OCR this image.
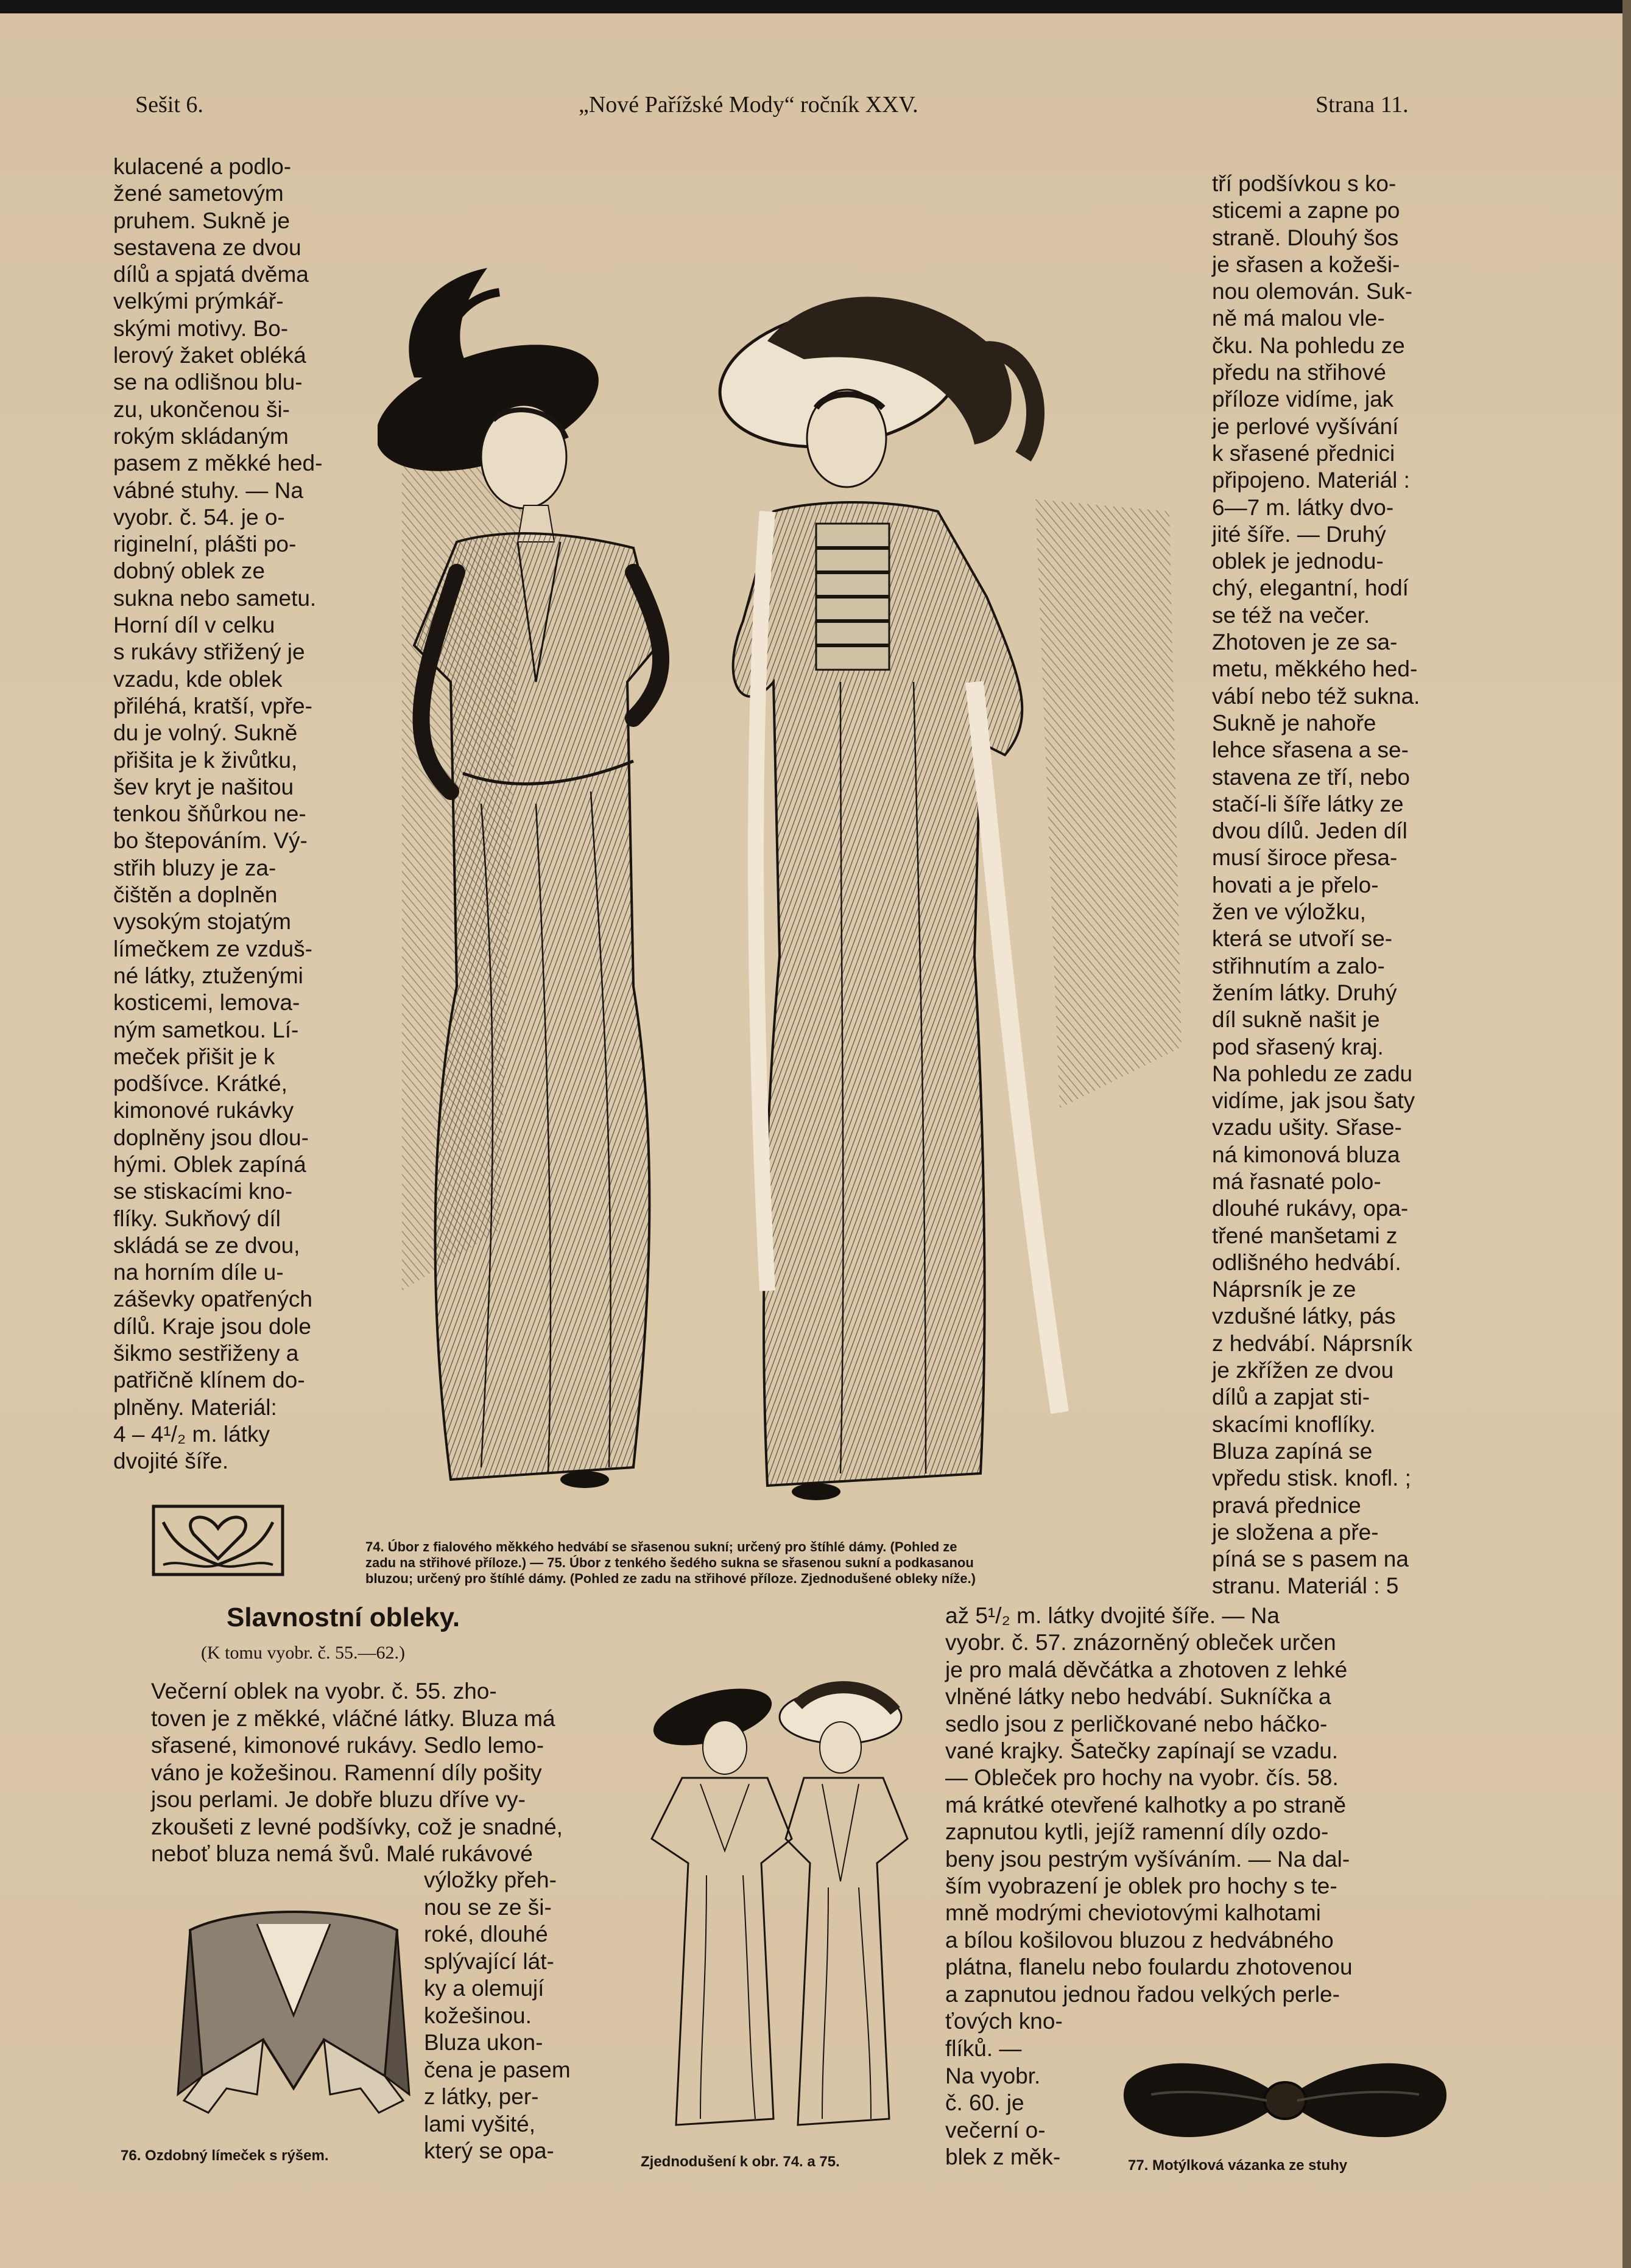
Sešit 6.	„Nové Pařížské Mody“ ročník XXV.	Strana 11.
kulacené a podlo-
žené sametovým
pruhem. Sukně je
sestavena ze dvou
dílů a spjatá dvěma
velkými prýmkář-
skými motivy. Bo-
lerový žaket obléká
se na odlišnou blu-
zu, ukončenou ši-
rokým skládaným
pasem z měkké hed-
vábné stuhy. — Na
vyobr. č. 54. je o-
riginelní, plášti po-
dobný oblek ze
sukna nebo sametu.
Horní díl v celku
s rukávy střižený je
vzadu, kde oblek
přiléhá, kratší, vpře-
du je volný. Sukně
přišita je k živůtku,
šev kryt je našitou
tenkou šňůrkou ne-
bo štepováním. Vý-
střih bluzy je za-
čištěn a doplněn
vysokým stojatým
límečkem ze vzduš-
né látky, ztuženými
kosticemi, lemova-
ným sametkou. Lí-
meček přišit je k
podšívce. Krátké,
kimonové rukávky
doplněny jsou dlou-
hými. Oblek zapíná
se stiskacími kno-
flíky. Sukňový díl
skládá se ze dvou,
na horním díle u-
záševky opatřených
dílů. Kraje jsou dole
šikmo sestřiženy a
patřičně klínem do-
plněny. Materiál:
4 – 4¹/₂ m. látky
dvojité šíře.
tří podšívkou s ko-
sticemi a zapne po
straně. Dlouhý šos
je sřasen a kožeši-
nou olemován. Suk-
ně má malou vle-
čku. Na pohledu ze
předu na střihové
příloze vidíme, jak
je perlové vyšívání
k sřasené přednici
připojeno. Materiál :
6—7 m. látky dvo-
jité šíře. — Druhý
oblek je jednodu-
chý, elegantní, hodí
se též na večer.
Zhotoven je ze sa-
metu, měkkého hed-
vábí nebo též sukna.
Sukně je nahoře
lehce sřasena a se-
stavena ze tří, nebo
stačí-li šíře látky ze
dvou dílů. Jeden díl
musí široce přesa-
hovati a je přelo-
žen ve výložku,
která se utvoří se-
střihnutím a zalo-
žením látky. Druhý
díl sukně našit je
pod sřasený kraj.
Na pohledu ze zadu
vidíme, jak jsou šaty
vzadu ušity. Sřase-
ná kimonová bluza
má řasnaté polo-
dlouhé rukávy, opa-
třené manšetami z
odlišného hedvábí.
Náprsník je ze
vzdušné látky, pás
z hedvábí. Náprsník
je zkřížen ze dvou
dílů a zapjat sti-
skacími knoflíky.
Bluza zapíná se
vpředu stisk. knofl. ;
pravá přednice
je složena a pře-
píná se s pasem na
stranu. Materiál : 5
74. Úbor z fialového měkkého hedvábí se sřasenou sukní; určený pro štíhlé dámy. (Pohled ze
zadu na střihové příloze.) — 75. Úbor z tenkého šedého sukna se sřasenou sukní a podkasanou
bluzou; určený pro štíhlé dámy. (Pohled ze zadu na střihové příloze. Zjednodušené obleky níže.)
Slavnostní obleky.
(K tomu vyobr. č. 55.—62.)
Večerní oblek na vyobr. č. 55. zho-
toven je z měkké, vláčné látky. Bluza má
sřasené, kimonové rukávy. Sedlo lemo-
váno je kožešinou. Ramenní díly pošity
jsou perlami. Je dobře bluzu dříve vy-
zkoušeti z levné podšívky, což je snadné,
neboť bluza nemá švů. Malé rukávové
výložky přeh-
nou se ze ši-
roké, dlouhé
splývající lát-
ky a olemují
kožešinou.
Bluza ukon-
čena je pasem
z látky, per-
lami vyšité,
který se opa-
76. Ozdobný límeček s rýšem.	Zjednodušení k obr. 74. a 75.
až 5¹/₂ m. látky dvojité šíře. — Na
vyobr. č. 57. znázorněný obleček určen
je pro malá děvčátka a zhotoven z lehké
vlněné látky nebo hedvábí. Sukníčka a
sedlo jsou z perličkované nebo háčko-
vané krajky. Šatečky zapínají se vzadu.
— Obleček pro hochy na vyobr. čís. 58.
má krátké otevřené kalhotky a po straně
zapnutou kytli, jejíž ramenní díly ozdo-
beny jsou pestrým vyšíváním. — Na dal-
ším vyobrazení je oblek pro hochy s te-
mně modrými cheviotovými kalhotami
a bílou košilovou bluzou z hedvábného
plátna, flanelu nebo foulardu zhotovenou
a zapnutou jednou řadou velkých perle-
ťových kno-
flíků. —
Na vyobr.
č. 60. je
večerní o-
blek z měk-	77. Motýlková vázanka ze stuhy
